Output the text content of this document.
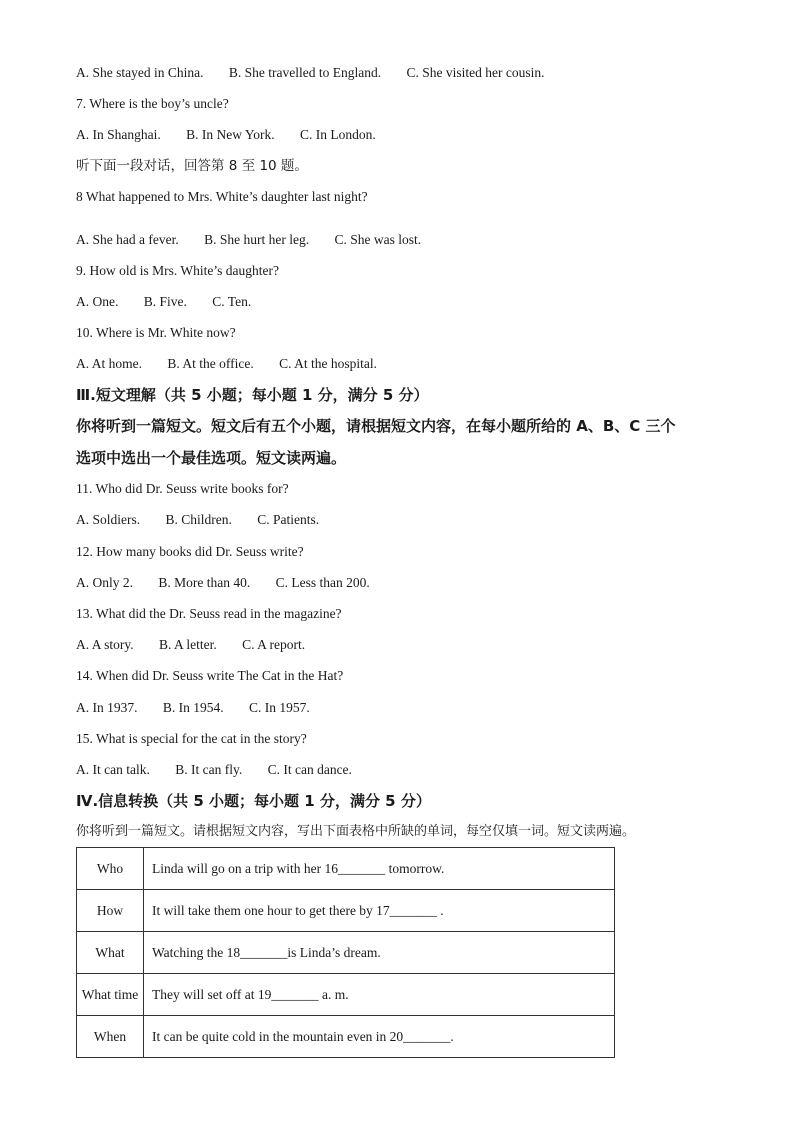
A. She stayed in China. B. She travelled to England. C. She visited her cousin.
7. Where is the boy’s uncle?
A. In Shanghai. B. In New York. C. In London.
听下面一段对话，回答第 8 至 10 题。
8 What happened to Mrs. White’s daughter last night?
A. She had a fever. B. She hurt her leg. C. She was lost.
9. How old is Mrs. White’s daughter?
A. One. B. Five. C. Ten.
10. Where is Mr. White now?
A. At home. B. At the office. C. At the hospital.
Ⅲ.短文理解（共 5 小题；每小题 1 分，满分 5 分）
你将听到一篇短文。短文后有五个小题，请根据短文内容，在每小题所给的 A、B、C 三个
选项中选出一个最佳选项。短文读两遍。
11. Who did Dr. Seuss write books for?
A. Soldiers. B. Children. C. Patients.
12. How many books did Dr. Seuss write?
A. Only 2. B. More than 40. C. Less than 200.
13. What did the Dr. Seuss read in the magazine?
A. A story. B. A letter. C. A report.
14. When did Dr. Seuss write The Cat in the Hat?
A. In 1937. B. In 1954. C. In 1957.
15. What is special for the cat in the story?
A. It can talk. B. It can fly. C. It can dance.
Ⅳ.信息转换（共 5 小题；每小题 1 分，满分 5 分）
你将听到一篇短文。请根据短文内容，写出下面表格中所缺的单词，每空仅填一词。短文读两遍。
Who	Linda will go on a trip with her 16_______ tomorrow.
How	It will take them one hour to get there by 17_______ .
What	Watching the 18_______is Linda’s dream.
What time	They will set off at 19_______ a. m.
When	It can be quite cold in the mountain even in 20_______.
